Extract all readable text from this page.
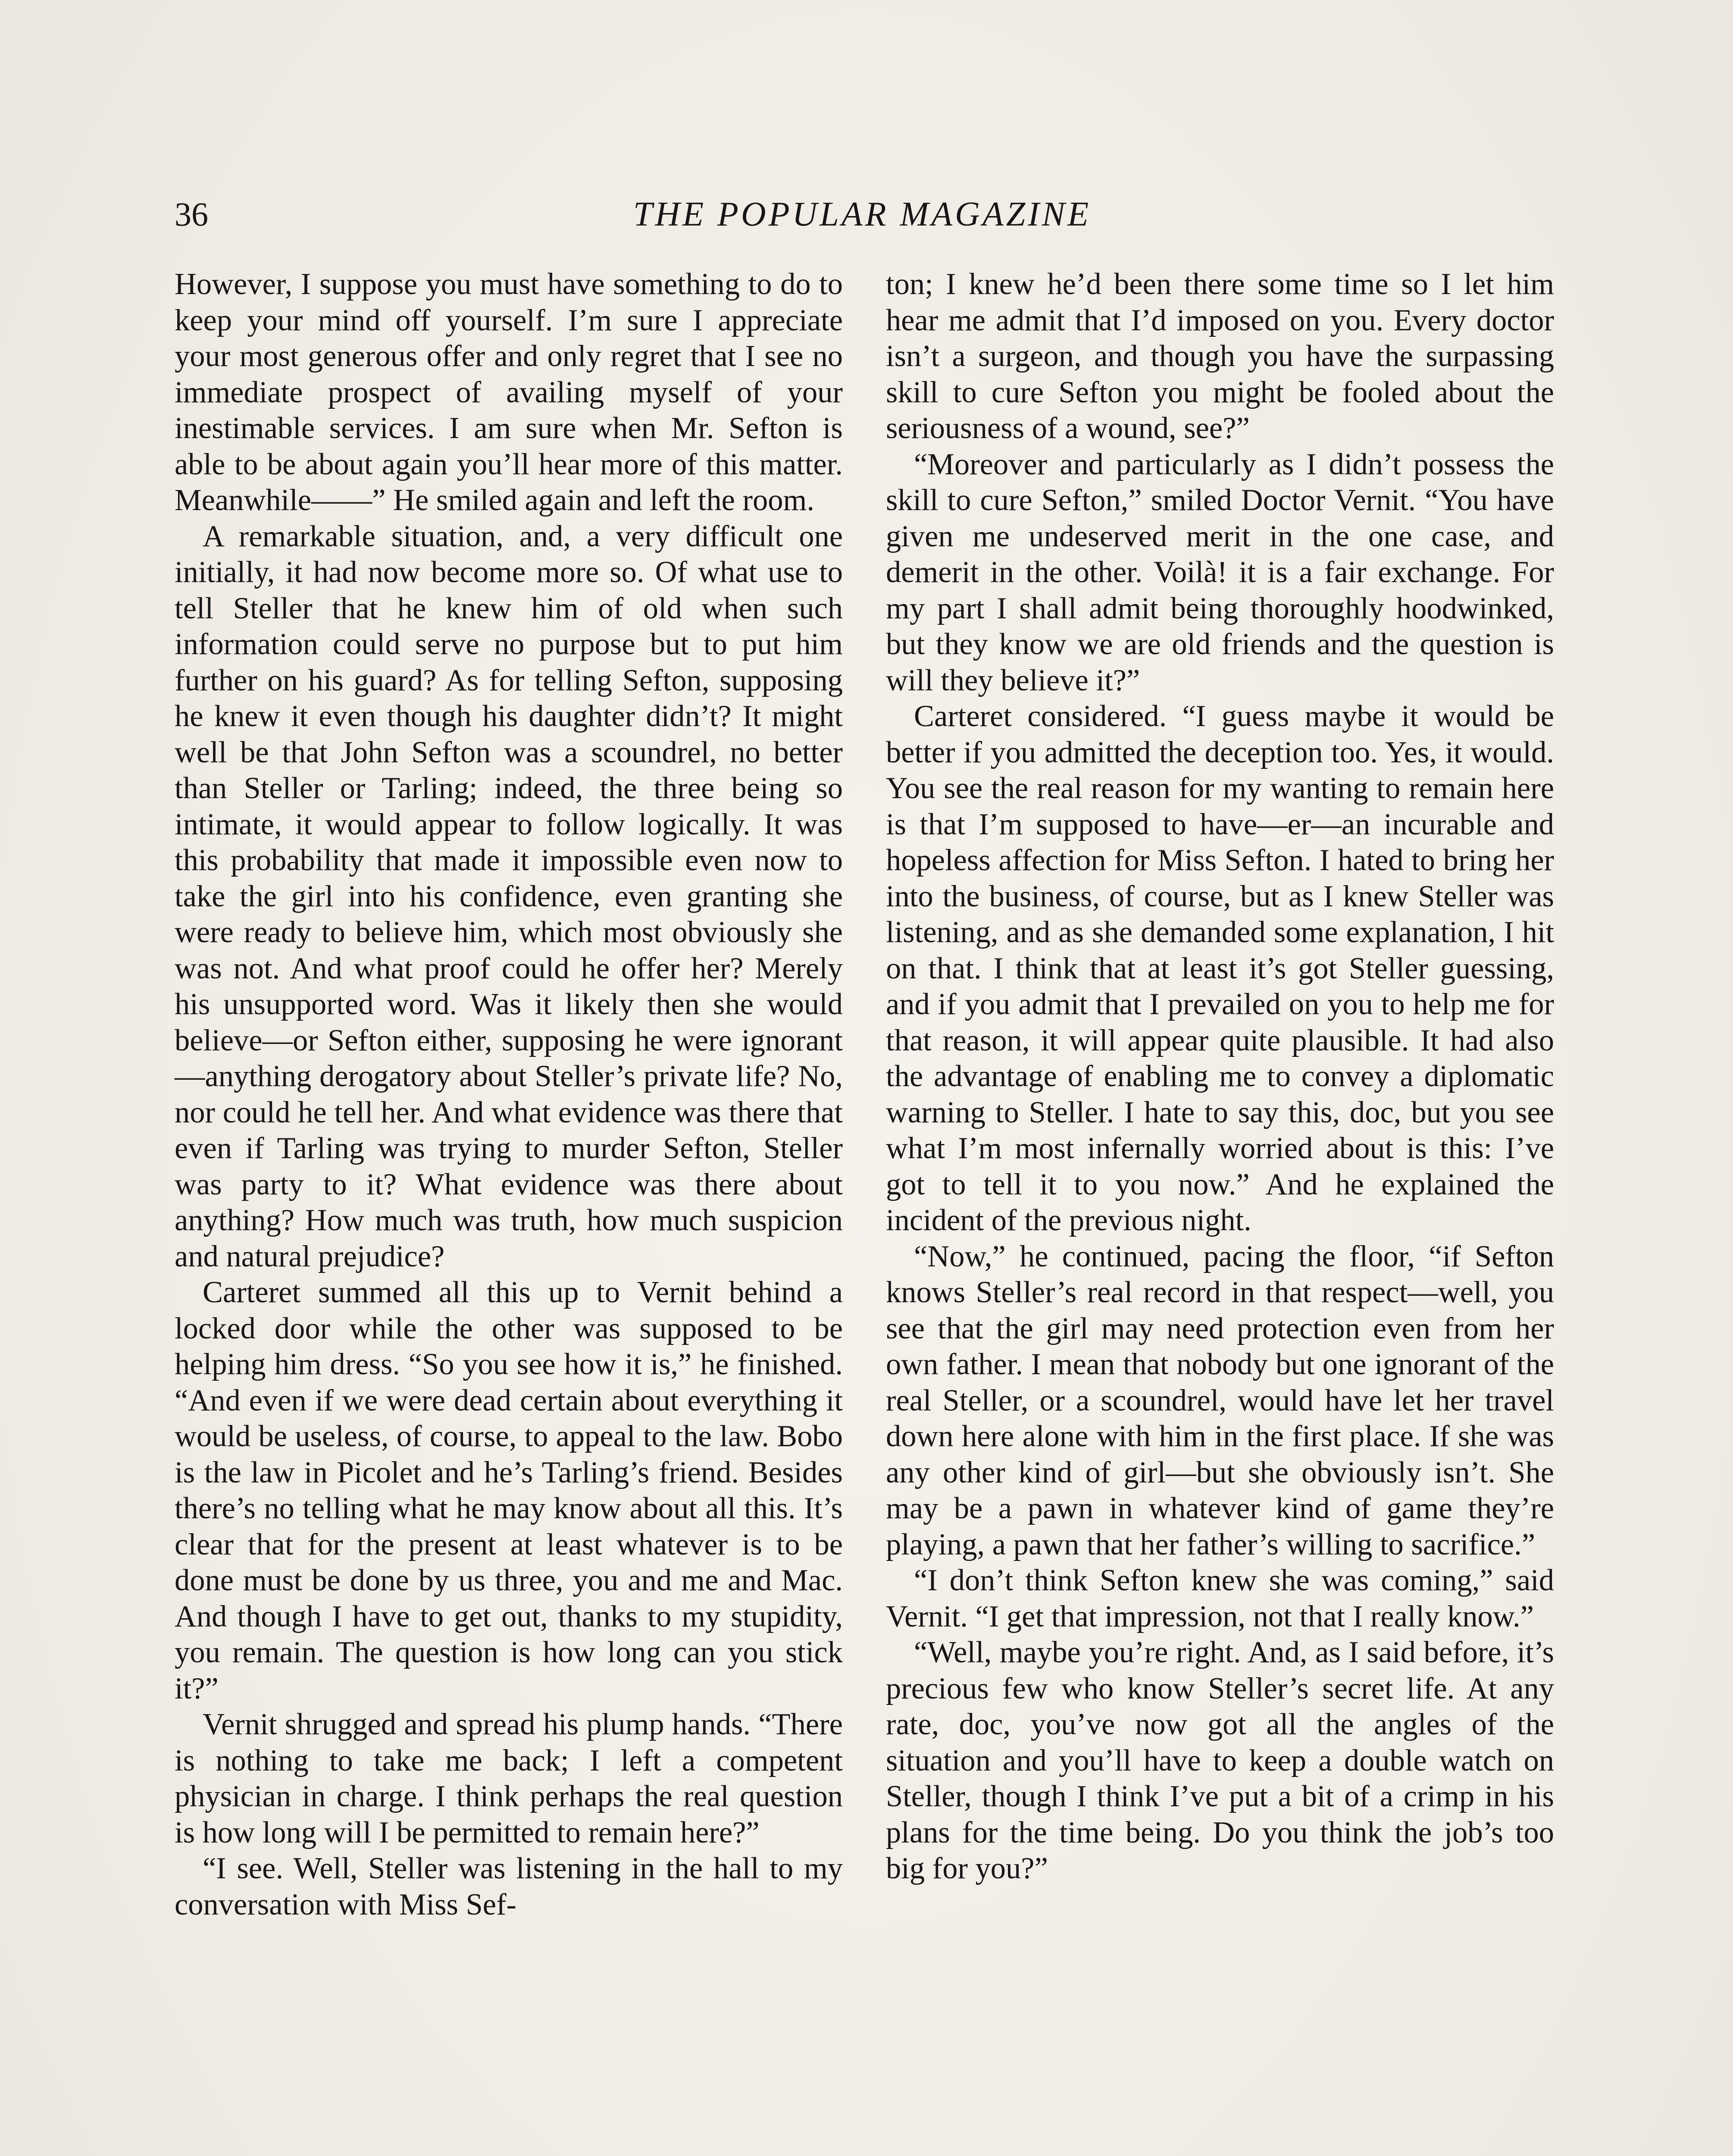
36	THE POPULAR MAGAZINE

However, I suppose you must have something to do to keep your mind off yourself. I’m sure I appreciate your most generous offer and only regret that I see no immediate prospect of availing myself of your inestimable services. I am sure when Mr. Sefton is able to be about again you’ll hear more of this matter. Meanwhile——” He smiled again and left the room.

A remarkable situation, and, a very difficult one initially, it had now become more so. Of what use to tell Steller that he knew him of old when such information could serve no purpose but to put him further on his guard? As for telling Sefton, supposing he knew it even though his daughter didn’t? It might well be that John Sefton was a scoundrel, no better than Steller or Tarling; indeed, the three being so intimate, it would appear to follow logically. It was this probability that made it impossible even now to take the girl into his confidence, even granting she were ready to believe him, which most obviously she was not. And what proof could he offer her? Merely his unsupported word. Was it likely then she would believe—or Sefton either, supposing he were ignorant—anything derogatory about Steller’s private life? No, nor could he tell her. And what evidence was there that even if Tarling was trying to murder Sefton, Steller was party to it? What evidence was there about anything? How much was truth, how much suspicion and natural prejudice?

Carteret summed all this up to Vernit behind a locked door while the other was supposed to be helping him dress. “So you see how it is,” he finished. “And even if we were dead certain about everything it would be useless, of course, to appeal to the law. Bobo is the law in Picolet and he’s Tarling’s friend. Besides there’s no telling what he may know about all this. It’s clear that for the present at least whatever is to be done must be done by us three, you and me and Mac. And though I have to get out, thanks to my stupidity, you remain. The question is how long can you stick it?”

Vernit shrugged and spread his plump hands. “There is nothing to take me back; I left a competent physician in charge. I think perhaps the real question is how long will I be permitted to remain here?”

“I see. Well, Steller was listening in the hall to my conversation with Miss Sef-

ton; I knew he’d been there some time so I let him hear me admit that I’d imposed on you. Every doctor isn’t a surgeon, and though you have the surpassing skill to cure Sefton you might be fooled about the seriousness of a wound, see?”

“Moreover and particularly as I didn’t possess the skill to cure Sefton,” smiled Doctor Vernit. “You have given me undeserved merit in the one case, and demerit in the other. Voilà! it is a fair exchange. For my part I shall admit being thoroughly hoodwinked, but they know we are old friends and the question is will they believe it?”

Carteret considered. “I guess maybe it would be better if you admitted the deception too. Yes, it would. You see the real reason for my wanting to remain here is that I’m supposed to have—er—an incurable and hopeless affection for Miss Sefton. I hated to bring her into the business, of course, but as I knew Steller was listening, and as she demanded some explanation, I hit on that. I think that at least it’s got Steller guessing, and if you admit that I prevailed on you to help me for that reason, it will appear quite plausible. It had also the advantage of enabling me to convey a diplomatic warning to Steller. I hate to say this, doc, but you see what I’m most infernally worried about is this: I’ve got to tell it to you now.” And he explained the incident of the previous night.

“Now,” he continued, pacing the floor, “if Sefton knows Steller’s real record in that respect—well, you see that the girl may need protection even from her own father. I mean that nobody but one ignorant of the real Steller, or a scoundrel, would have let her travel down here alone with him in the first place. If she was any other kind of girl—but she obviously isn’t. She may be a pawn in whatever kind of game they’re playing, a pawn that her father’s willing to sacrifice.”

“I don’t think Sefton knew she was coming,” said Vernit. “I get that impression, not that I really know.”

“Well, maybe you’re right. And, as I said before, it’s precious few who know Steller’s secret life. At any rate, doc, you’ve now got all the angles of the situation and you’ll have to keep a double watch on Steller, though I think I’ve put a bit of a crimp in his plans for the time being. Do you think the job’s too big for you?”
